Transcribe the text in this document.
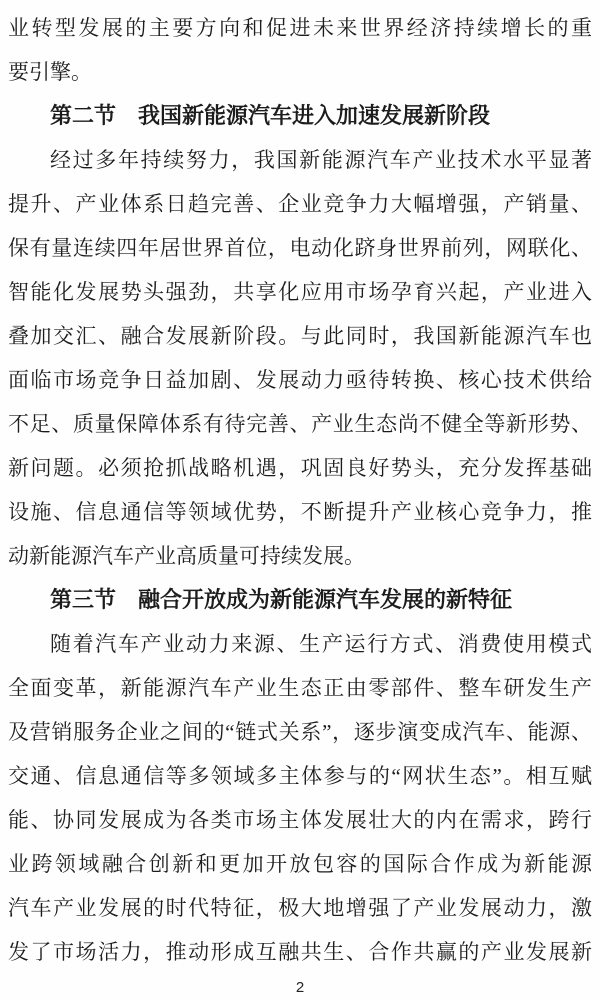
业转型发展的主要方向和促进未来世界经济持续增长的重
要引擎。
第二节　我国新能源汽车进入加速发展新阶段
经过多年持续努力，我国新能源汽车产业技术水平显著
提升、产业体系日趋完善、企业竞争力大幅增强，产销量、
保有量连续四年居世界首位，电动化跻身世界前列，网联化、
智能化发展势头强劲，共享化应用市场孕育兴起，产业进入
叠加交汇、融合发展新阶段。与此同时，我国新能源汽车也
面临市场竞争日益加剧、发展动力亟待转换、核心技术供给
不足、质量保障体系有待完善、产业生态尚不健全等新形势、
新问题。必须抢抓战略机遇，巩固良好势头，充分发挥基础
设施、信息通信等领域优势，不断提升产业核心竞争力，推
动新能源汽车产业高质量可持续发展。
第三节　融合开放成为新能源汽车发展的新特征
随着汽车产业动力来源、生产运行方式、消费使用模式
全面变革，新能源汽车产业生态正由零部件、整车研发生产
及营销服务企业之间的“链式关系”，逐步演变成汽车、能源、
交通、信息通信等多领域多主体参与的“网状生态”。相互赋
能、协同发展成为各类市场主体发展壮大的内在需求，跨行
业跨领域融合创新和更加开放包容的国际合作成为新能源
汽车产业发展的时代特征，极大地增强了产业发展动力，激
发了市场活力，推动形成互融共生、合作共赢的产业发展新
2
